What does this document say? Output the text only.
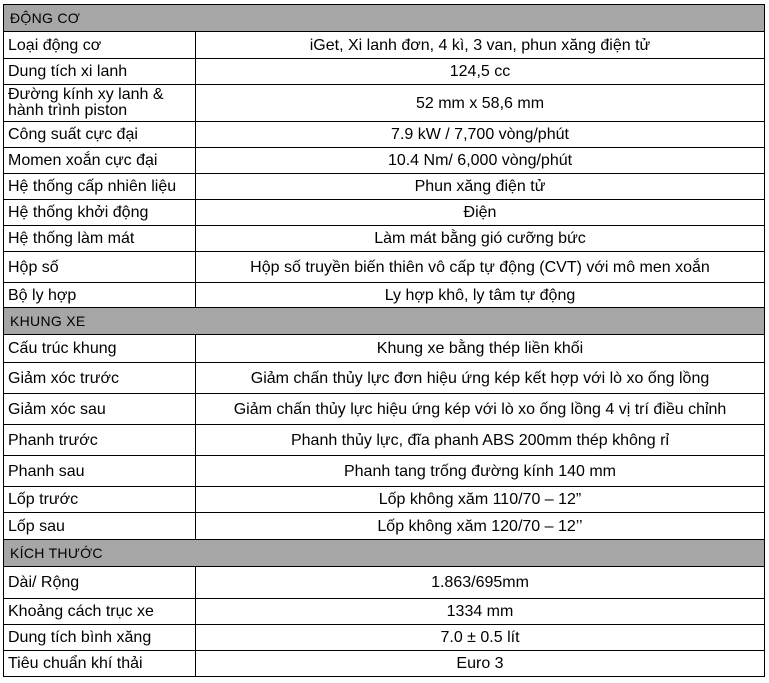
ĐỘNG CƠ	
Loại động cơ	iGet, Xi lanh đơn, 4 kì, 3 van, phun xăng điện tử
Dung tích xi lanh	124,5 cc
Đường kính xy lanh & hành trình piston	52 mm x 58,6 mm
Công suất cực đại	7.9 kW / 7,700 vòng/phút
Momen xoắn cực đại	10.4 Nm/ 6,000 vòng/phút
Hệ thống cấp nhiên liệu	Phun xăng điện tử
Hệ thống khởi động	Điện
Hệ thống làm mát	Làm mát bằng gió cưỡng bức
Hộp số	Hộp số truyền biến thiên vô cấp tự động (CVT) với mô men xoắn
Bộ ly hợp	Ly hợp khô, ly tâm tự động
KHUNG XE	
Cấu trúc khung	Khung xe bằng thép liền khối
Giảm xóc trước	Giảm chấn thủy lực đơn hiệu ứng kép kết hợp với lò xo ống lồng
Giảm xóc sau	Giảm chấn thủy lực hiệu ứng kép với lò xo ống lồng 4 vị trí điều chỉnh
Phanh trước	Phanh thủy lực, đĩa phanh ABS 200mm thép không rỉ
Phanh sau	Phanh tang trống đường kính 140 mm
Lốp trước	Lốp không xăm 110/70 – 12”
Lốp sau	Lốp không xăm 120/70 – 12’’
KÍCH THƯỚC	
Dài/ Rộng	1.863/695mm
Khoảng cách trục xe	1334 mm
Dung tích bình xăng	7.0 ± 0.5 lít
Tiêu chuẩn khí thải	Euro 3
